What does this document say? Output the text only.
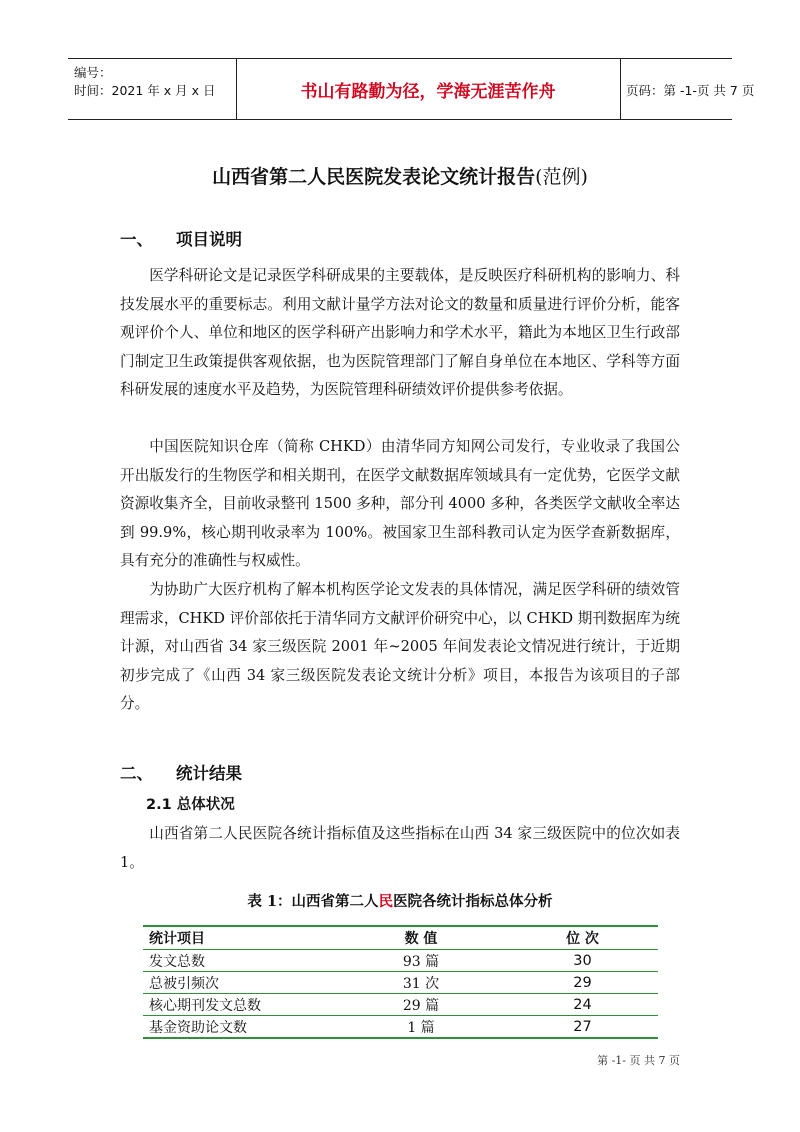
编号：
时间：2021 年 x 月 x 日	书山有路勤为径，学海无涯苦作舟	页码：第 -1-页 共 7 页
山西省第二人民医院发表论文统计报告(范例)
一、 项目说明

医学科研论文是记录医学科研成果的主要载体，是反映医疗科研机构的影响力、科技发展水平的重要标志。利用文献计量学方法对论文的数量和质量进行评价分析，能客观评价个人、单位和地区的医学科研产出影响力和学术水平，籍此为本地区卫生行政部门制定卫生政策提供客观依据，也为医院管理部门了解自身单位在本地区、学科等方面科研发展的速度水平及趋势，为医院管理科研绩效评价提供参考依据。

中国医院知识仓库（简称 CHKD）由清华同方知网公司发行，专业收录了我国公开出版发行的生物医学和相关期刊，在医学文献数据库领域具有一定优势，它医学文献资源收集齐全，目前收录整刊 1500 多种，部分刊 4000 多种，各类医学文献收全率达到 99.9%，核心期刊收录率为 100%。被国家卫生部科教司认定为医学查新数据库，具有充分的准确性与权威性。

为协助广大医疗机构了解本机构医学论文发表的具体情况，满足医学科研的绩效管理需求，CHKD 评价部依托于清华同方文献评价研究中心，以 CHKD 期刊数据库为统计源，对山西省 34 家三级医院 2001 年~2005 年间发表论文情况进行统计，于近期初步完成了《山西 34 家三级医院发表论文统计分析》项目，本报告为该项目的子部分。

二、 统计结果
2.1 总体状况

山西省第二人民医院各统计指标值及这些指标在山西 34 家三级医院中的位次如表 1。

表 1：山西省第二人民医院各统计指标总体分析
统计项目	数 值	位 次
发文总数	93 篇	30
总被引频次	31 次	29
核心期刊发文总数	29 篇	24
基金资助论文数	1 篇	27
第 -1- 页 共 7 页
